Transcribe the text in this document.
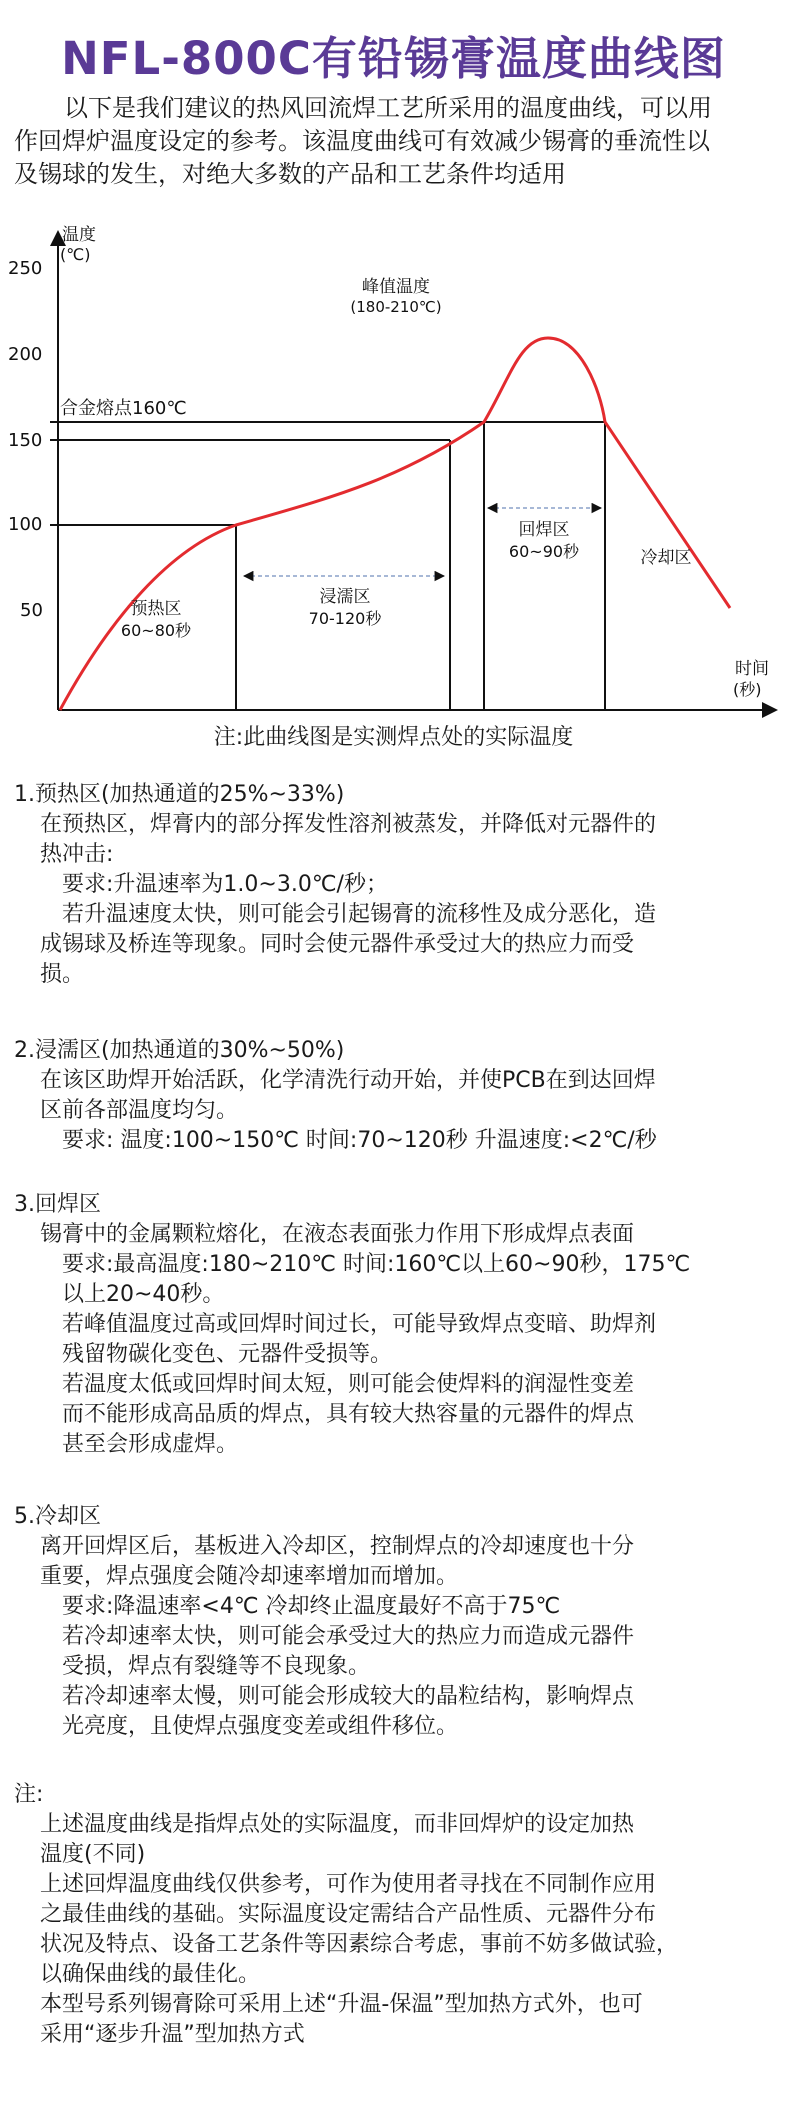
NFL-800C有铅锡膏温度曲线图

以下是我们建议的热风回流焊工艺所采用的温度曲线，可以用

作回焊炉温度设定的参考。该温度曲线可有效减少锡膏的垂流性以

及锡球的发生，对绝大多数的产品和工艺条件均适用

温度
(℃)
时间
(秒)
250
200
150
100
50
合金熔点160℃
峰值温度
(180-210℃)
预热区
60~80秒
浸濡区
70-120秒
回焊区
60~90秒	冷却区
注:此曲线图是实测焊点处的实际温度

1.预热区(加热通道的25%~33%)

在预热区，焊膏内的部分挥发性溶剂被蒸发，并降低对元器件的

热冲击:

要求:升温速率为1.0~3.0℃/秒；

若升温速度太快，则可能会引起锡膏的流移性及成分恶化，造

成锡球及桥连等现象。同时会使元器件承受过大的热应力而受

损。

2.浸濡区(加热通道的30%~50%)

在该区助焊开始活跃，化学清洗行动开始，并使PCB在到达回焊

区前各部温度均匀。

要求: 温度:100~150℃ 时间:70~120秒 升温速度:<2℃/秒

3.回焊区

锡膏中的金属颗粒熔化，在液态表面张力作用下形成焊点表面

要求:最高温度:180~210℃ 时间:160℃以上60~90秒，175℃

以上20~40秒。

若峰值温度过高或回焊时间过长，可能导致焊点变暗、助焊剂

残留物碳化变色、元器件受损等。

若温度太低或回焊时间太短，则可能会使焊料的润湿性变差

而不能形成高品质的焊点，具有较大热容量的元器件的焊点

甚至会形成虚焊。

5.冷却区

离开回焊区后，基板进入冷却区，控制焊点的冷却速度也十分

重要，焊点强度会随冷却速率增加而增加。

要求:降温速率<4℃ 冷却终止温度最好不高于75℃

若冷却速率太快，则可能会承受过大的热应力而造成元器件

受损，焊点有裂缝等不良现象。

若冷却速率太慢，则可能会形成较大的晶粒结构，影响焊点

光亮度，且使焊点强度变差或组件移位。

注:

上述温度曲线是指焊点处的实际温度，而非回焊炉的设定加热

温度(不同)

上述回焊温度曲线仅供参考，可作为使用者寻找在不同制作应用

之最佳曲线的基础。实际温度设定需结合产品性质、元器件分布

状况及特点、设备工艺条件等因素综合考虑，事前不妨多做试验，

以确保曲线的最佳化。

本型号系列锡膏除可采用上述“升温-保温”型加热方式外，也可

采用“逐步升温”型加热方式
